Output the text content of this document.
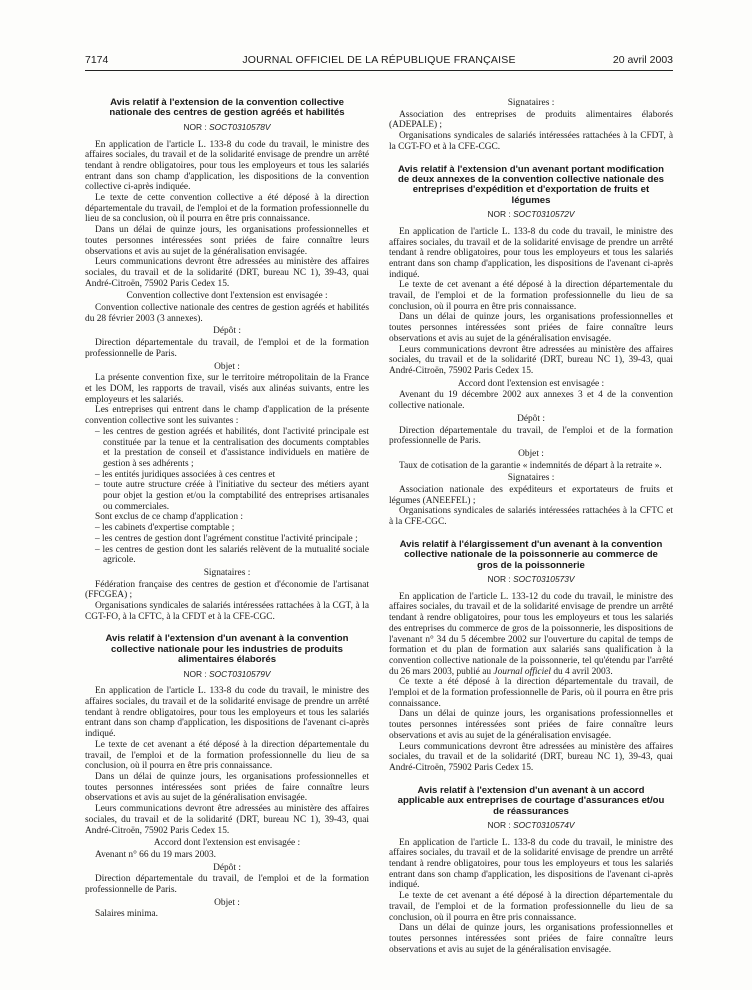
7174	JOURNAL OFFICIEL DE LA RÉPUBLIQUE FRANÇAISE	20 avril 2003
Avis relatif à l'extension de la convention collective nationale des centres de gestion agréés et habilités
NOR : SOCT0310578V

En application de l'article L. 133-8 du code du travail, le ministre des affaires sociales, du travail et de la solidarité envisage de prendre un arrêté tendant à rendre obligatoires, pour tous les employeurs et tous les salariés entrant dans son champ d'application, les dispositions de la convention collective ci-après indiquée.

Le texte de cette convention collective a été déposé à la direction départementale du travail, de l'emploi et de la formation professionnelle du lieu de sa conclusion, où il pourra en être pris connaissance.

Dans un délai de quinze jours, les organisations professionnelles et toutes personnes intéressées sont priées de faire connaître leurs observations et avis au sujet de la généralisation envisagée.

Leurs communications devront être adressées au ministère des affaires sociales, du travail et de la solidarité (DRT, bureau NC 1), 39-43, quai André-Citroën, 75902 Paris Cedex 15.

Convention collective dont l'extension est envisagée :

Convention collective nationale des centres de gestion agréés et habilités du 28 février 2003 (3 annexes).

Dépôt :

Direction départementale du travail, de l'emploi et de la formation professionnelle de Paris.

Objet :

La présente convention fixe, sur le territoire métropolitain de la France et les DOM, les rapports de travail, visés aux alinéas suivants, entre les employeurs et les salariés.

Les entreprises qui entrent dans le champ d'application de la présente convention collective sont les suivantes :

– les centres de gestion agréés et habilités, dont l'activité principale est constituée par la tenue et la centralisation des documents comptables et la prestation de conseil et d'assistance individuels en matière de gestion à ses adhérents ;
– les entités juridiques associées à ces centres et
– toute autre structure créée à l'initiative du secteur des métiers ayant pour objet la gestion et/ou la comptabilité des entreprises artisanales ou commerciales.

Sont exclus de ce champ d'application :

– les cabinets d'expertise comptable ;
– les centres de gestion dont l'agrément constitue l'activité principale ;
– les centres de gestion dont les salariés relèvent de la mutualité sociale agricole.

Signataires :

Fédération française des centres de gestion et d'économie de l'artisanat (FFCGEA) ;

Organisations syndicales de salariés intéressées rattachées à la CGT, à la CGT-FO, à la CFTC, à la CFDT et à la CFE-CGC.

Avis relatif à l'extension d'un avenant à la convention collective nationale pour les industries de produits alimentaires élaborés
NOR : SOCT0310579V

En application de l'article L. 133-8 du code du travail, le ministre des affaires sociales, du travail et de la solidarité envisage de prendre un arrêté tendant à rendre obligatoires, pour tous les employeurs et tous les salariés entrant dans son champ d'application, les dispositions de l'avenant ci-après indiqué.

Le texte de cet avenant a été déposé à la direction départementale du travail, de l'emploi et de la formation professionnelle du lieu de sa conclusion, où il pourra en être pris connaissance.

Dans un délai de quinze jours, les organisations professionnelles et toutes personnes intéressées sont priées de faire connaître leurs observations et avis au sujet de la généralisation envisagée.

Leurs communications devront être adressées au ministère des affaires sociales, du travail et de la solidarité (DRT, bureau NC 1), 39-43, quai André-Citroën, 75902 Paris Cedex 15.

Accord dont l'extension est envisagée :

Avenant n° 66 du 19 mars 2003.

Dépôt :

Direction départementale du travail, de l'emploi et de la formation professionnelle de Paris.

Objet :

Salaires minima.

Signataires :

Association des entreprises de produits alimentaires élaborés (ADEPALE) ;

Organisations syndicales de salariés intéressées rattachées à la CFDT, à la CGT-FO et à la CFE-CGC.

Avis relatif à l'extension d'un avenant portant modification de deux annexes de la convention collective nationale des entreprises d'expédition et d'exportation de fruits et légumes
NOR : SOCT0310572V

En application de l'article L. 133-8 du code du travail, le ministre des affaires sociales, du travail et de la solidarité envisage de prendre un arrêté tendant à rendre obligatoires, pour tous les employeurs et tous les salariés entrant dans son champ d'application, les dispositions de l'avenant ci-après indiqué.

Le texte de cet avenant a été déposé à la direction départementale du travail, de l'emploi et de la formation professionnelle du lieu de sa conclusion, où il pourra en être pris connaissance.

Dans un délai de quinze jours, les organisations professionnelles et toutes personnes intéressées sont priées de faire connaître leurs observations et avis au sujet de la généralisation envisagée.

Leurs communications devront être adressées au ministère des affaires sociales, du travail et de la solidarité (DRT, bureau NC 1), 39-43, quai André-Citroën, 75902 Paris Cedex 15.

Accord dont l'extension est envisagée :

Avenant du 19 décembre 2002 aux annexes 3 et 4 de la convention collective nationale.

Dépôt :

Direction départementale du travail, de l'emploi et de la formation professionnelle de Paris.

Objet :

Taux de cotisation de la garantie « indemnités de départ à la retraite ».

Signataires :

Association nationale des expéditeurs et exportateurs de fruits et légumes (ANEEFEL) ;

Organisations syndicales de salariés intéressées rattachées à la CFTC et à la CFE-CGC.

Avis relatif à l'élargissement d'un avenant à la convention collective nationale de la poissonnerie au commerce de gros de la poissonnerie
NOR : SOCT0310573V

En application de l'article L. 133-12 du code du travail, le ministre des affaires sociales, du travail et de la solidarité envisage de prendre un arrêté tendant à rendre obligatoires, pour tous les employeurs et tous les salariés des entreprises du commerce de gros de la poissonnerie, les dispositions de l'avenant n° 34 du 5 décembre 2002 sur l'ouverture du capital de temps de formation et du plan de formation aux salariés sans qualification à la convention collective nationale de la poissonnerie, tel qu'étendu par l'arrêté du 26 mars 2003, publié au Journal officiel du 4 avril 2003.

Ce texte a été déposé à la direction départementale du travail, de l'emploi et de la formation professionnelle de Paris, où il pourra en être pris connaissance.

Dans un délai de quinze jours, les organisations professionnelles et toutes personnes intéressées sont priées de faire connaître leurs observations et avis au sujet de la généralisation envisagée.

Leurs communications devront être adressées au ministère des affaires sociales, du travail et de la solidarité (DRT, bureau NC 1), 39-43, quai André-Citroën, 75902 Paris Cedex 15.

Avis relatif à l'extension d'un avenant à un accord applicable aux entreprises de courtage d'assurances et/ou de réassurances
NOR : SOCT0310574V

En application de l'article L. 133-8 du code du travail, le ministre des affaires sociales, du travail et de la solidarité envisage de prendre un arrêté tendant à rendre obligatoires, pour tous les employeurs et tous les salariés entrant dans son champ d'application, les dispositions de l'avenant ci-après indiqué.

Le texte de cet avenant a été déposé à la direction départementale du travail, de l'emploi et de la formation professionnelle du lieu de sa conclusion, où il pourra en être pris connaissance.

Dans un délai de quinze jours, les organisations professionnelles et toutes personnes intéressées sont priées de faire connaître leurs observations et avis au sujet de la généralisation envisagée.
